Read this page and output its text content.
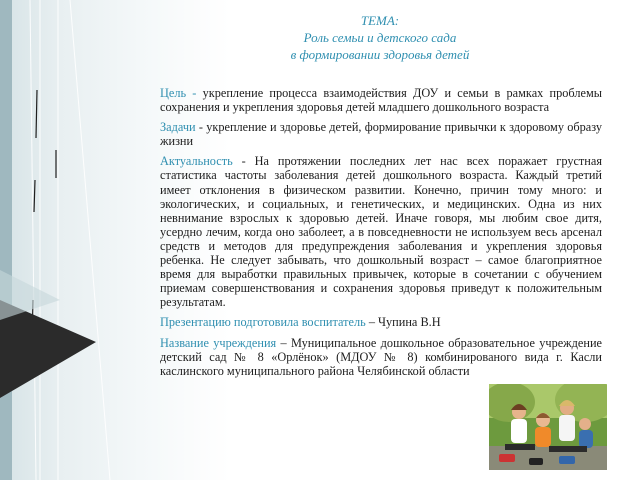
ТЕМА:
Роль семьи и детского сада
в формировании здоровья детей

Цель - укрепление процесса взаимодействия ДОУ и семьи в рамках проблемы сохранения и укрепления здоровья детей младшего дошкольного возраста

Задачи - укрепление и здоровье детей, формирование привычки к здоровому образу жизни

Актуальность - На протяжении последних лет нас всех поражает грустная статистика частоты заболевания детей дошкольного возраста. Каждый третий имеет отклонения в физическом развитии. Конечно, причин тому много: и экологических, и социальных, и генетических, и медицинских. Одна из них невнимание взрослых к здоровью детей. Иначе говоря, мы любим свое дитя, усердно лечим, когда оно заболеет, а в повседневности не используем весь арсенал средств и методов для предупреждения заболевания и укрепления здоровья ребенка. Не следует забывать, что дошкольный возраст – самое благоприятное время для выработки правильных привычек, которые в сочетании с обучением приемам совершенствования и сохранения здоровья приведут к положительным результатам.

Презентацию подготовила воспитатель – Чупина В.Н

Название учреждения – Муниципальное дошкольное образовательное учреждение детский сад № 8 «Орлёнок» (МДОУ № 8) комбинированого вида г. Касли каслинского муниципального района Челябинской области
